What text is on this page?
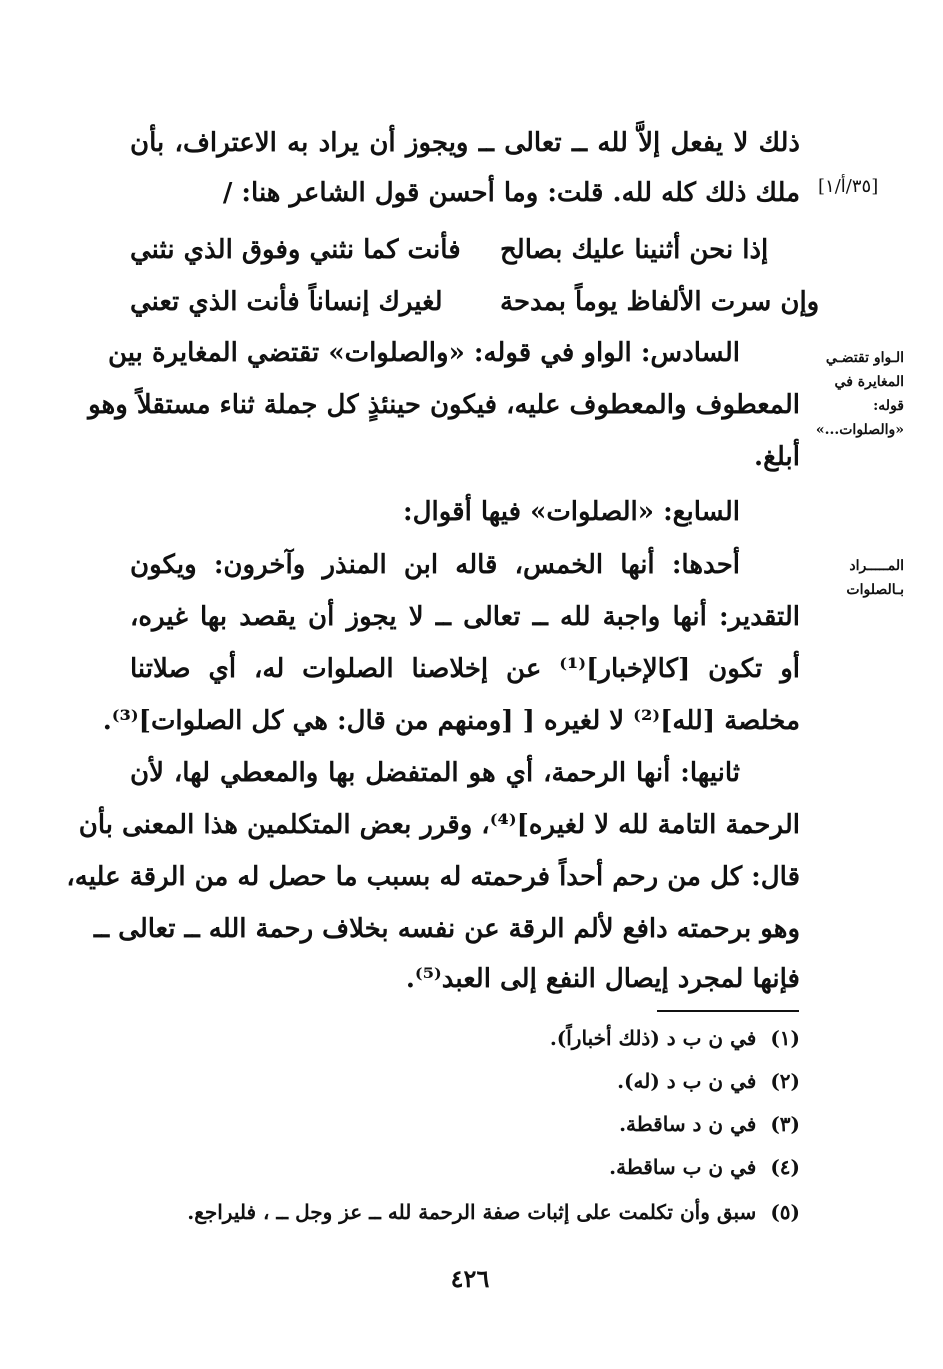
[٣٥/أ/١]
الـواو تقتضـي المغايرة في قوله: «والصلوات...»
المـــــراد بـالصلوات
ذلك لا يفعل إلاَّ لله ــ تعالى ــ ويجوز أن يراد به الاعتراف، بأن
ملك ذلك كله لله. قلت: وما أحسن قول الشاعر هنا: /
إذا نحن أثنينا عليك بصالح
فأنت كما نثني وفوق الذي نثني
وإن سرت الألفاظ يوماً بمدحة
لغيرك إنساناً فأنت الذي تعني
السادس: الواو في قوله: «والصلوات» تقتضي المغايرة بين
المعطوف والمعطوف عليه، فيكون حينئذٍ كل جملة ثناء مستقلاً وهو
أبلغ.
السابع: «الصلوات» فيها أقوال:
أحدها: أنها الخمس، قاله ابن المنذر وآخرون: ويكون
التقدير: أنها واجبة لله ــ تعالى ــ لا يجوز أن يقصد بها غيره،
أو تكون [كالإخبار]⁽¹⁾ عن إخلاصنا الصلوات له، أي صلاتنا
مخلصة [لله]⁽²⁾ لا لغيره [ [ومنهم من قال: هي كل الصلوات]⁽³⁾.
ثانيها: أنها الرحمة، أي هو المتفضل بها والمعطي لها، لأن
الرحمة التامة لله لا لغيره]⁽⁴⁾، وقرر بعض المتكلمين هذا المعنى بأن
قال: كل من رحم أحداً فرحمته له بسبب ما حصل له من الرقة عليه،
وهو برحمته دافع لألم الرقة عن نفسه بخلاف رحمة الله ــ تعالى ــ
فإنها لمجرد إيصال النفع إلى العبد⁽⁵⁾.
(١)في ن ب د (ذلك أخباراً).
(٢)في ن ب د (له).
(٣)في ن د ساقطة.
(٤)في ن ب ساقطة.
(٥)سبق وأن تكلمت على إثبات صفة الرحمة لله ــ عز وجل ــ ، فليراجع.
٤٢٦
